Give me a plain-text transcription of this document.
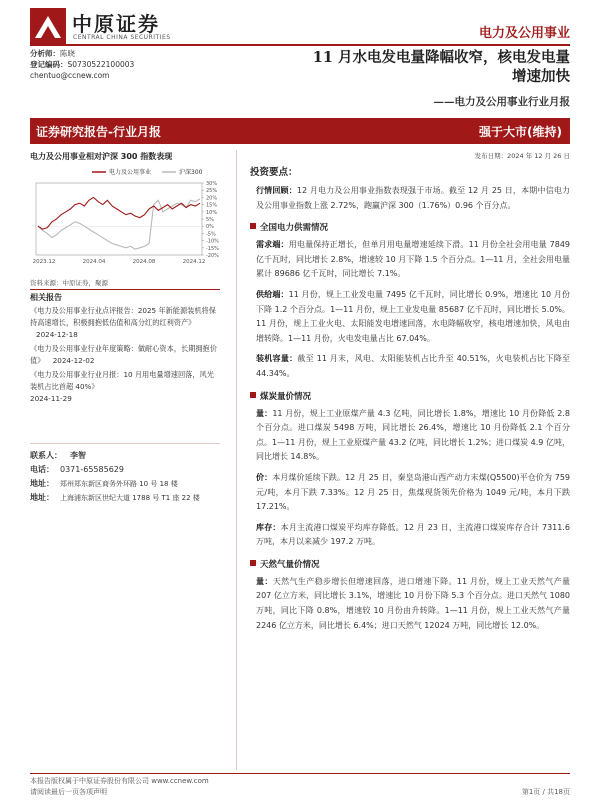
中原证券
CENTRAL CHINA SECURITIES	电力及公用事业
分析师：陈晓
登记编码：S0730522100003
chentuo@ccnew.com
11 月水电发电量降幅收窄，核电发电量
增速加快
——电力及公用事业行业月报
证券研究报告-行业月报	强于大市(维持)
电力及公用事业相对沪深 300 指数表现
-20%
-15%
-10%
-5%
0%
5%
10%
15%
20%
25%
30%
2023.12	2024.04	2024.08	2024.12
电力及公用事业	沪深300
资料来源：中原证券，聚源
相关报告
《电力及公用事业行业点评报告：2025 年新能源装机将保持高速增长，积极拥抱低估值和高分红的红利资产》 2024-12-18
《电力及公用事业行业年度策略：做耐心资本，长期拥抱价值》 2024-12-02
《电力及公用事业行业月报：10 月用电量增速回落，风光装机占比首超 40%》
2024-11-29
联系人： 李智
电话： 0371-65585629
地址： 郑州郑东新区商务外环路 10 号 18 楼
地址： 上海浦东新区世纪大道 1788 号 T1 座 22 楼
发布日期：2024 年 12 月 26 日
投资要点：
行情回顾：12 月电力及公用事业指数表现强于市场。截至 12 月 25 日，本期中信电力及公用事业指数上涨 2.72%，跑赢沪深 300（1.76%）0.96 个百分点。
全国电力供需情况
需求端：用电量保持正增长，但单月用电量增速延续下滑。11 月份全社会用电量 7849 亿千瓦时，同比增长 2.8%，增速较 10 月下降 1.5 个百分点。1—11 月，全社会用电量累计 89686 亿千瓦时，同比增长 7.1%。
供给端：11 月份，规上工业发电量 7495 亿千瓦时，同比增长 0.9%，增速比 10 月份下降 1.2 个百分点。1—11 月份，规上工业发电量 85687 亿千瓦时，同比增长 5.0%。11 月份，规上工业火电、太阳能发电增速回落，水电降幅收窄，核电增速加快，风电由增转降。1—11 月份，火电发电量占比 67.04%。
装机容量：截至 11 月末，风电、太阳能装机占比升至 40.51%，火电装机占比下降至 44.34%。
煤炭量价情况
量：11 月份，规上工业原煤产量 4.3 亿吨，同比增长 1.8%，增速比 10 月份降低 2.8 个百分点。进口煤炭 5498 万吨，同比增长 26.4%，增速比 10 月份降低 2.1 个百分点。1—11 月份，规上工业原煤产量 43.2 亿吨，同比增长 1.2%；进口煤炭 4.9 亿吨，同比增长 14.8%。
价：本月煤价延续下跌。12 月 25 日，秦皇岛港山西产动力末煤(Q5500)平仓价为 759 元/吨，本月下跌 7.33%。12 月 25 日，焦煤现货领先价格为 1049 元/吨，本月下跌 17.21%。
库存：本月主流港口煤炭平均库存降低。12 月 23 日，主流港口煤炭库存合计 7311.6 万吨，本月以来减少 197.2 万吨。
天然气量价情况
量：天然气生产稳步增长但增速回落，进口增速下降。11 月份，规上工业天然气产量 207 亿立方米，同比增长 3.1%，增速比 10 月份下降 5.3 个百分点。进口天然气 1080 万吨，同比下降 0.8%，增速较 10 月份由升转降。1—11 月份，规上工业天然气产量 2246 亿立方米，同比增长 6.4%；进口天然气 12024 万吨，同比增长 12.0%。
本报告版权属于中原证券股份有限公司 www.ccnew.com
请阅读最后一页各项声明	第1页 / 共18页
